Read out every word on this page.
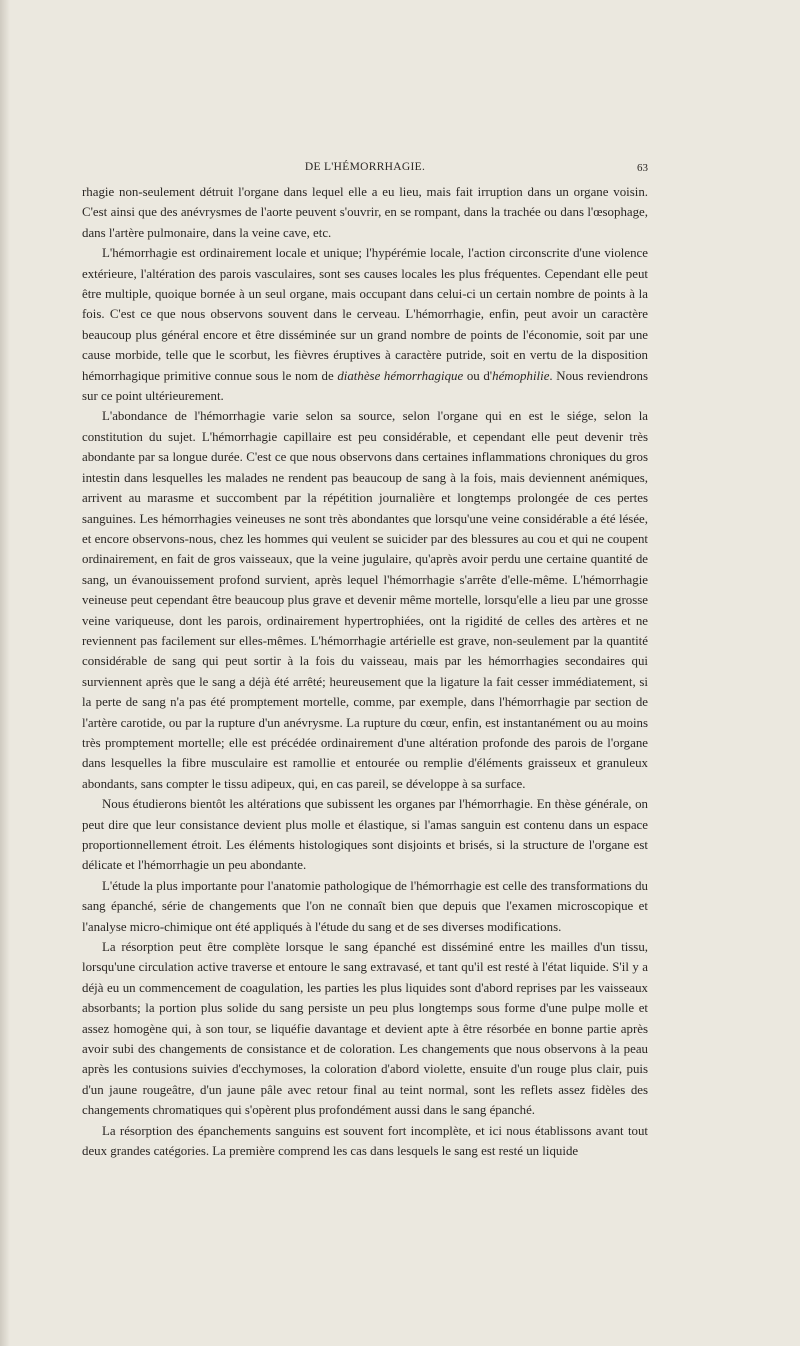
DE L'HÉMORRHAGIE.	63

rhagie non-seulement détruit l'organe dans lequel elle a eu lieu, mais fait irruption dans un organe voisin. C'est ainsi que des anévrysmes de l'aorte peuvent s'ouvrir, en se rompant, dans la trachée ou dans l'œsophage, dans l'artère pulmonaire, dans la veine cave, etc.

L'hémorrhagie est ordinairement locale et unique; l'hypérémie locale, l'action circonscrite d'une violence extérieure, l'altération des parois vasculaires, sont ses causes locales les plus fréquentes. Cependant elle peut être multiple, quoique bornée à un seul organe, mais occupant dans celui-ci un certain nombre de points à la fois. C'est ce que nous observons souvent dans le cerveau. L'hémorrhagie, enfin, peut avoir un caractère beaucoup plus général encore et être disséminée sur un grand nombre de points de l'économie, soit par une cause morbide, telle que le scorbut, les fièvres éruptives à caractère putride, soit en vertu de la disposition hémorrhagique primitive connue sous le nom de diathèse hémorrhagique ou d'hémophilie. Nous reviendrons sur ce point ultérieurement.

L'abondance de l'hémorrhagie varie selon sa source, selon l'organe qui en est le siége, selon la constitution du sujet. L'hémorrhagie capillaire est peu considérable, et cependant elle peut devenir très abondante par sa longue durée. C'est ce que nous observons dans certaines inflammations chroniques du gros intestin dans lesquelles les malades ne rendent pas beaucoup de sang à la fois, mais deviennent anémiques, arrivent au marasme et succombent par la répétition journalière et longtemps prolongée de ces pertes sanguines. Les hémorrhagies veineuses ne sont très abondantes que lorsqu'une veine considérable a été lésée, et encore observons-nous, chez les hommes qui veulent se suicider par des blessures au cou et qui ne coupent ordinairement, en fait de gros vaisseaux, que la veine jugulaire, qu'après avoir perdu une certaine quantité de sang, un évanouissement profond survient, après lequel l'hémorrhagie s'arrête d'elle-même. L'hémorrhagie veineuse peut cependant être beaucoup plus grave et devenir même mortelle, lorsqu'elle a lieu par une grosse veine variqueuse, dont les parois, ordinairement hypertrophiées, ont la rigidité de celles des artères et ne reviennent pas facilement sur elles-mêmes. L'hémorrhagie artérielle est grave, non-seulement par la quantité considérable de sang qui peut sortir à la fois du vaisseau, mais par les hémorrhagies secondaires qui surviennent après que le sang a déjà été arrêté; heureusement que la ligature la fait cesser immédiatement, si la perte de sang n'a pas été promptement mortelle, comme, par exemple, dans l'hémorrhagie par section de l'artère carotide, ou par la rupture d'un anévrysme. La rupture du cœur, enfin, est instantanément ou au moins très promptement mortelle; elle est précédée ordinairement d'une altération profonde des parois de l'organe dans lesquelles la fibre musculaire est ramollie et entourée ou remplie d'éléments graisseux et granuleux abondants, sans compter le tissu adipeux, qui, en cas pareil, se développe à sa surface.

Nous étudierons bientôt les altérations que subissent les organes par l'hémorrhagie. En thèse générale, on peut dire que leur consistance devient plus molle et élastique, si l'amas sanguin est contenu dans un espace proportionnellement étroit. Les éléments histologiques sont disjoints et brisés, si la structure de l'organe est délicate et l'hémorrhagie un peu abondante.

L'étude la plus importante pour l'anatomie pathologique de l'hémorrhagie est celle des transformations du sang épanché, série de changements que l'on ne connaît bien que depuis que l'examen microscopique et l'analyse micro-chimique ont été appliqués à l'étude du sang et de ses diverses modifications.

La résorption peut être complète lorsque le sang épanché est disséminé entre les mailles d'un tissu, lorsqu'une circulation active traverse et entoure le sang extravasé, et tant qu'il est resté à l'état liquide. S'il y a déjà eu un commencement de coagulation, les parties les plus liquides sont d'abord reprises par les vaisseaux absorbants; la portion plus solide du sang persiste un peu plus longtemps sous forme d'une pulpe molle et assez homogène qui, à son tour, se liquéfie davantage et devient apte à être résorbée en bonne partie après avoir subi des changements de consistance et de coloration. Les changements que nous observons à la peau après les contusions suivies d'ecchymoses, la coloration d'abord violette, ensuite d'un rouge plus clair, puis d'un jaune rougeâtre, d'un jaune pâle avec retour final au teint normal, sont les reflets assez fidèles des changements chromatiques qui s'opèrent plus profondément aussi dans le sang épanché.

La résorption des épanchements sanguins est souvent fort incomplète, et ici nous établissons avant tout deux grandes catégories. La première comprend les cas dans lesquels le sang est resté un liquide
